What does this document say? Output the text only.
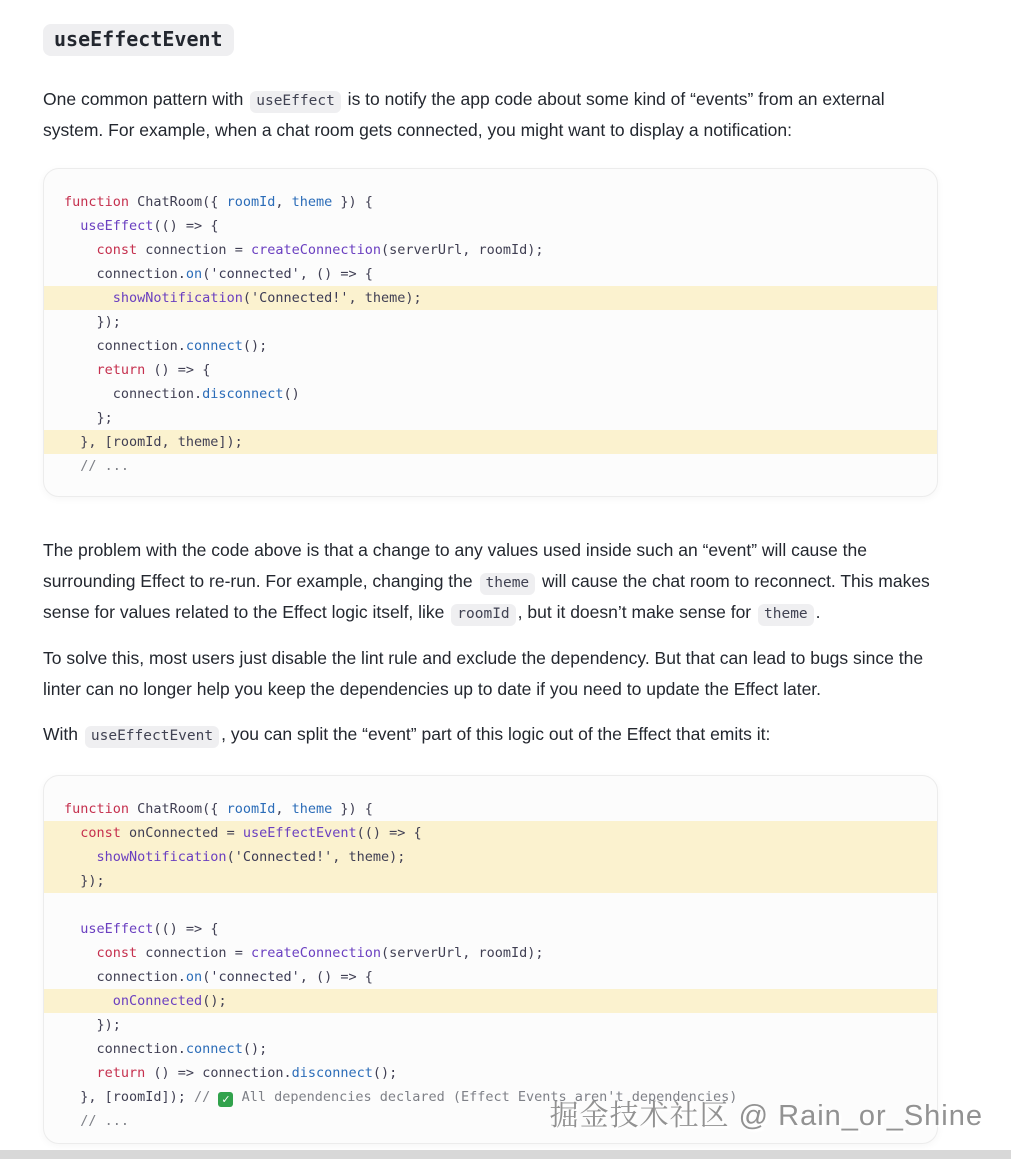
useEffectEvent

One common pattern with useEffect is to notify the app code about some kind of “events” from an external system. For example, when a chat room gets connected, you might want to display a notification:

function ChatRoom({ roomId, theme }) {
useEffect(() => {
const connection = createConnection(serverUrl, roomId);
connection.on('connected', () => {
showNotification('Connected!', theme);
});
connection.connect();
return () => {
connection.disconnect()
};
}, [roomId, theme]);
// ...

The problem with the code above is that a change to any values used inside such an “event” will cause the surrounding Effect to re-run. For example, changing the theme will cause the chat room to reconnect. This makes sense for values related to the Effect logic itself, like roomId , but it doesn’t make sense for theme .

To solve this, most users just disable the lint rule and exclude the dependency. But that can lead to bugs since the linter can no longer help you keep the dependencies up to date if you need to update the Effect later.

With useEffectEvent , you can split the “event” part of this logic out of the Effect that emits it:

function ChatRoom({ roomId, theme }) {
const onConnected = useEffectEvent(() => {
showNotification('Connected!', theme);
});

useEffect(() => {
const connection = createConnection(serverUrl, roomId);
connection.on('connected', () => {
onConnected();
});
connection.connect();
return () => connection.disconnect();
}, [roomId]); // ✓ All dependencies declared (Effect Events aren't dependencies)
// ...	掘金技术社区 @ Rain_or_Shine
